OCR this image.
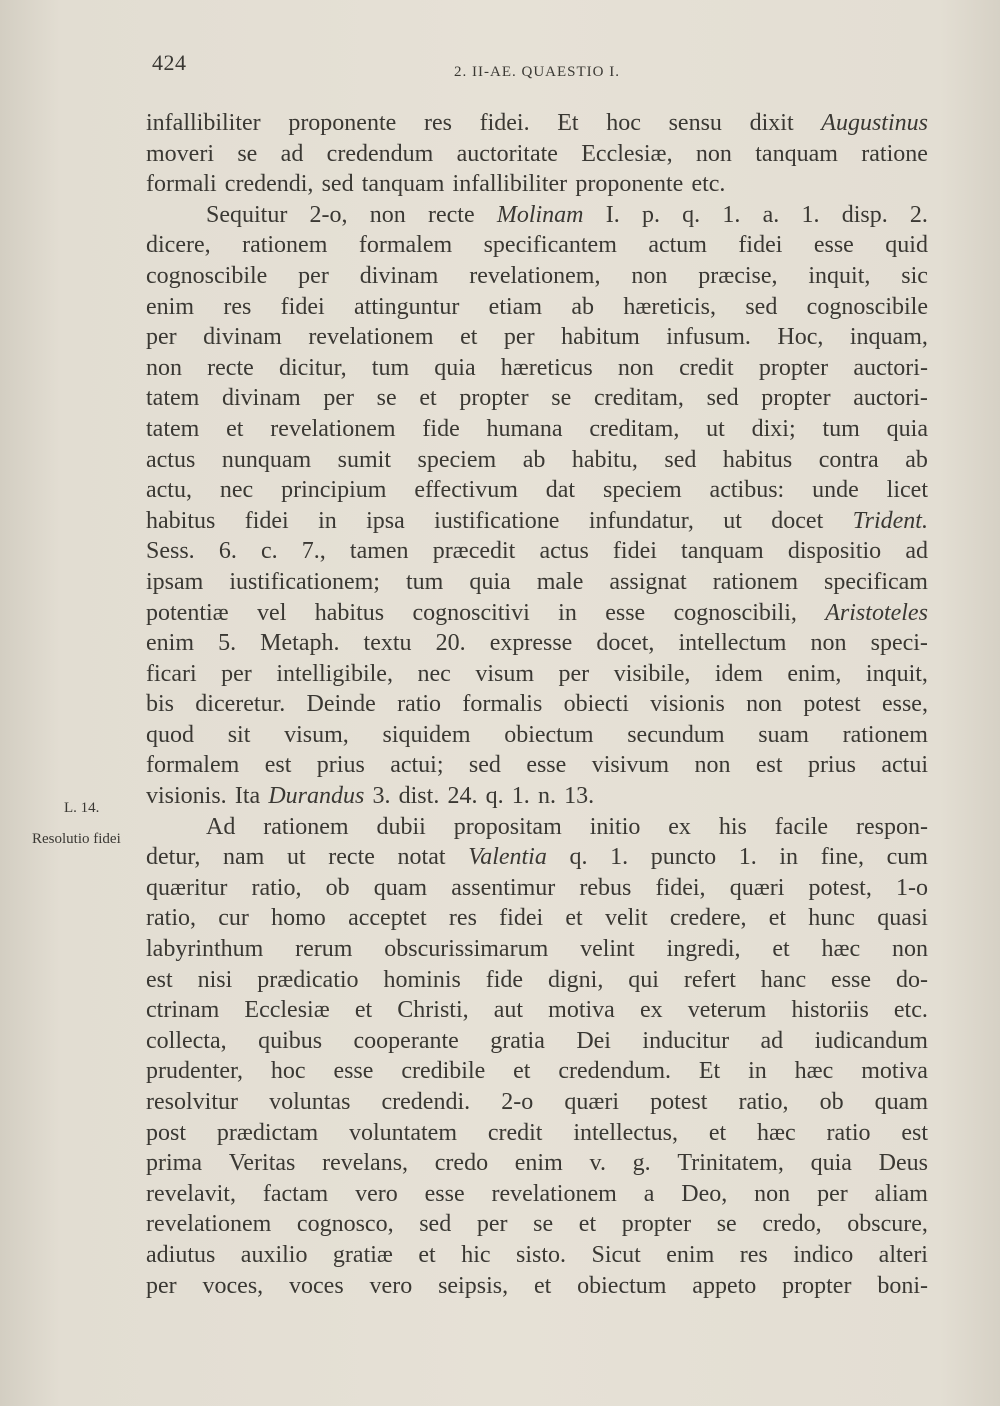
424	2. II-AE. QUAESTIO I.
infallibiliter proponente res fidei. Et hoc sensu dixit Augustinus
moveri se ad credendum auctoritate Ecclesiæ, non tanquam ratione
formali credendi, sed tanquam infallibiliter proponente etc.
Sequitur 2-o, non recte Molinam I. p. q. 1. a. 1. disp. 2.
dicere, rationem formalem specificantem actum fidei esse quid
cognoscibile per divinam revelationem, non præcise, inquit, sic
enim res fidei attinguntur etiam ab hæreticis, sed cognoscibile
per divinam revelationem et per habitum infusum. Hoc, inquam,
non recte dicitur, tum quia hæreticus non credit propter auctori-
tatem divinam per se et propter se creditam, sed propter auctori-
tatem et revelationem fide humana creditam, ut dixi; tum quia
actus nunquam sumit speciem ab habitu, sed habitus contra ab
actu, nec principium effectivum dat speciem actibus: unde licet
habitus fidei in ipsa iustificatione infundatur, ut docet Trident.
Sess. 6. c. 7., tamen præcedit actus fidei tanquam dispositio ad
ipsam iustificationem; tum quia male assignat rationem specificam
potentiæ vel habitus cognoscitivi in esse cognoscibili, Aristoteles
enim 5. Metaph. textu 20. expresse docet, intellectum non speci-
ficari per intelligibile, nec visum per visibile, idem enim, inquit,
bis diceretur. Deinde ratio formalis obiecti visionis non potest esse,
quod sit visum, siquidem obiectum secundum suam rationem
formalem est prius actui; sed esse visivum non est prius actui
visionis. Ita Durandus 3. dist. 24. q. 1. n. 13.
Ad rationem dubii propositam initio ex his facile respon-
detur, nam ut recte notat Valentia q. 1. puncto 1. in fine, cum
quæritur ratio, ob quam assentimur rebus fidei, quæri potest, 1-o
ratio, cur homo acceptet res fidei et velit credere, et hunc quasi
labyrinthum rerum obscurissimarum velint ingredi, et hæc non
est nisi prædicatio hominis fide digni, qui refert hanc esse do-
ctrinam Ecclesiæ et Christi, aut motiva ex veterum historiis etc.
collecta, quibus cooperante gratia Dei inducitur ad iudicandum
prudenter, hoc esse credibile et credendum. Et in hæc motiva
resolvitur voluntas credendi. 2-o quæri potest ratio, ob quam
post prædictam voluntatem credit intellectus, et hæc ratio est
prima Veritas revelans, credo enim v. g. Trinitatem, quia Deus
revelavit, factam vero esse revelationem a Deo, non per aliam
revelationem cognosco, sed per se et propter se credo, obscure,
adiutus auxilio gratiæ et hic sisto. Sicut enim res indico alteri
per voces, voces vero seipsis, et obiectum appeto propter boni-
L. 14.
Resolutio fidei
